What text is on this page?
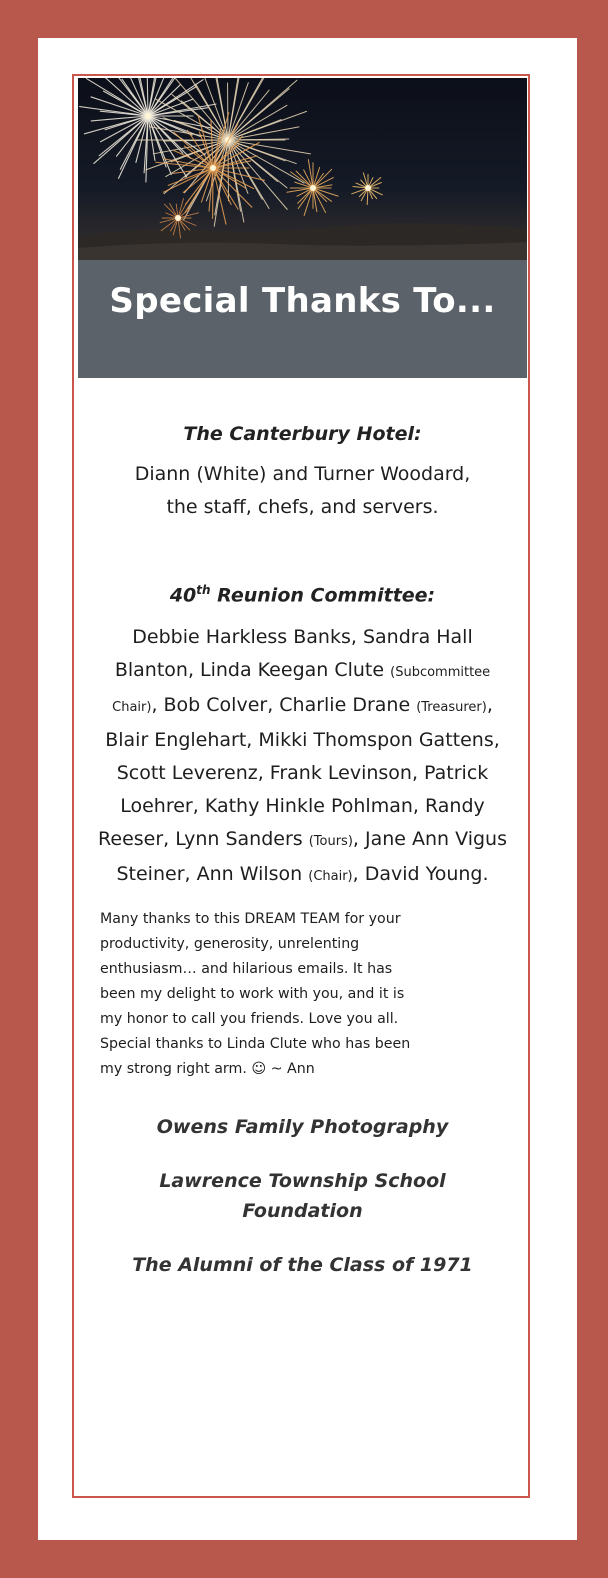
Special Thanks To...

The Canterbury Hotel:

Diann (White) and Turner Woodard, the staff, chefs, and servers.

40th Reunion Committee:

Debbie Harkless Banks, Sandra Hall Blanton, Linda Keegan Clute (Subcommittee Chair), Bob Colver, Charlie Drane (Treasurer), Blair Englehart, Mikki Thomspon Gattens, Scott Leverenz, Frank Levinson, Patrick Loehrer, Kathy Hinkle Pohlman, Randy Reeser, Lynn Sanders (Tours), Jane Ann Vigus Steiner, Ann Wilson (Chair), David Young.

Many thanks to this DREAM TEAM for your
productivity, generosity, unrelenting
enthusiasm… and hilarious emails. It has
been my delight to work with you, and it is
my honor to call you friends. Love you all.
Special thanks to Linda Clute who has been
my strong right arm. ☺ ~ Ann

Owens Family Photography

Lawrence Township School

Foundation

The Alumni of the Class of 1971
